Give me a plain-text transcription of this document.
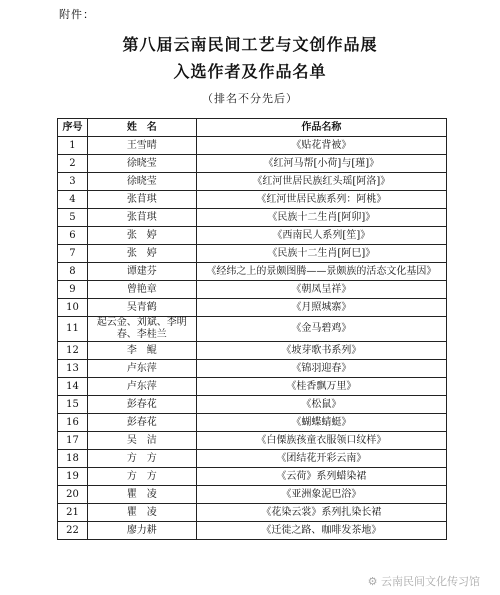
附件：
第八届云南民间工艺与文创作品展
入选作者及作品名单
（排名不分先后）
序号	姓　名	作品名称
1	王雪晴	《贴花背被》
2	徐晓莹	《红河马帮[小荷]与[瑾]》
3	徐晓莹	《红河世居民族红头瑶[阿洛]》
4	张苜琪	《红河世居民族系列：阿桃》
5	张苜琪	《民族十二生肖[阿卯]》
6	张　婷	《西南民人系列[笙]》
7	张　婷	《民族十二生肖[阿巳]》
8	谭建芬	《经纬之上的景颇图腾——景颇族的活态文化基因》
9	曾艳章	《朝凤呈祥》
10	吴青鹤	《月照城寨》
11	起云金、刘斌、李明春、李桂兰	《金马碧鸡》
12	李　鲲	《坡芽歌书系列》
13	卢东萍	《锦羽迎春》
14	卢东萍	《桂香飘万里》
15	彭春花	《松鼠》
16	彭春花	《蝴蝶蜻蜓》
17	吴　洁	《白傈族孩童衣服领口纹样》
18	方　方	《团结花开彩云南》
19	方　方	《云荷》系列蜡染裙
20	瞿　凌	《亚洲象泥巴浴》
21	瞿　凌	《花染云裳》系列扎染长裙
22	廖力耕	《迁徙之路、咖啡发茶地》
⚙ 云南民间文化传习馆
